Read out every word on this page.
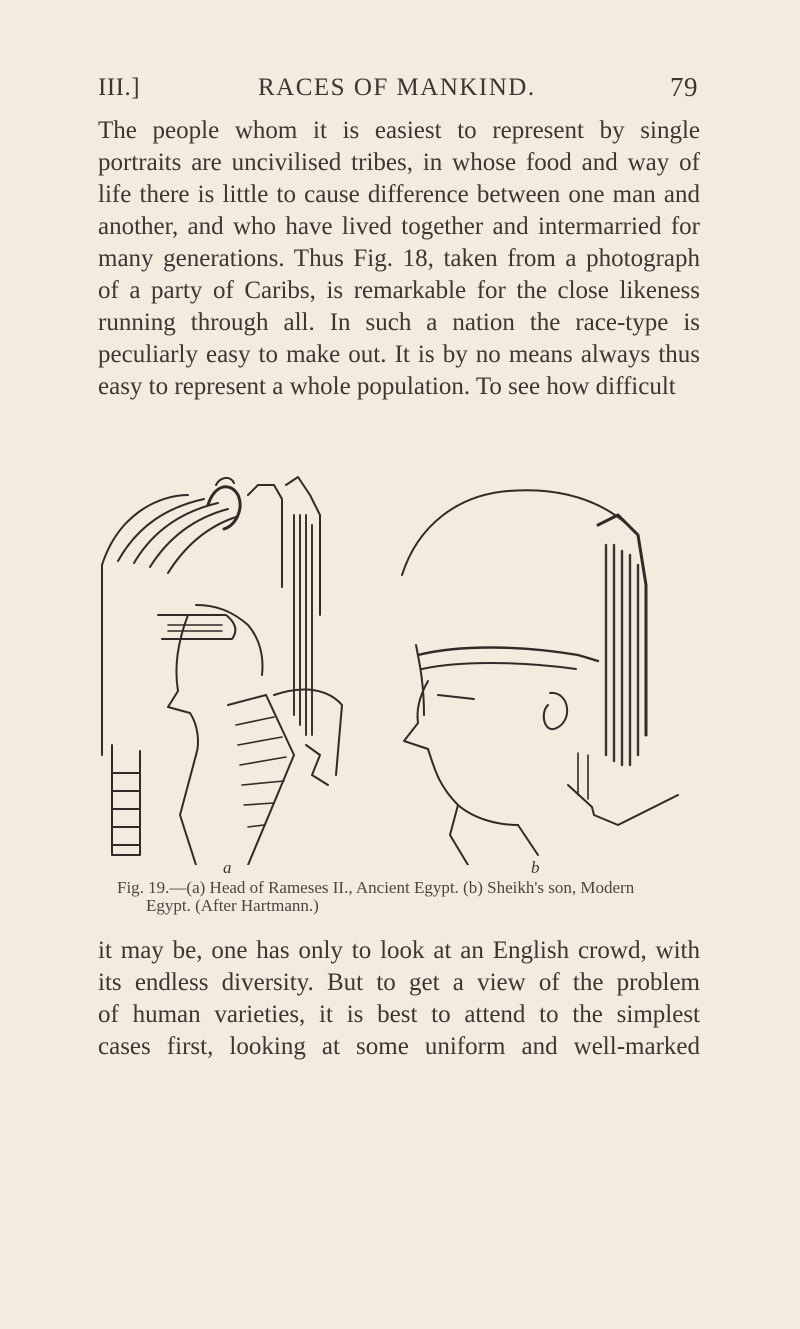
III.]	RACES OF MANKIND.	79

The people whom it is easiest to represent by single
portraits are uncivilised tribes, in whose food and way of
life there is little to cause difference between one man and
another, and who have lived together and intermarried for
many generations. Thus Fig. 18, taken from a photograph
of a party of Caribs, is remarkable for the close likeness
running through all. In such a nation the race-type is
peculiarly easy to make out. It is by no means always thus
easy to represent a whole population. To see how difficult

a	b
Fig. 19.—(a) Head of Rameses II., Ancient Egypt. (b) Sheikh's son, Modern
Egypt. (After Hartmann.)

it may be, one has only to look at an English crowd, with
its endless diversity. But to get a view of the problem
of human varieties, it is best to attend to the simplest
cases first, looking at some uniform and well-marked
